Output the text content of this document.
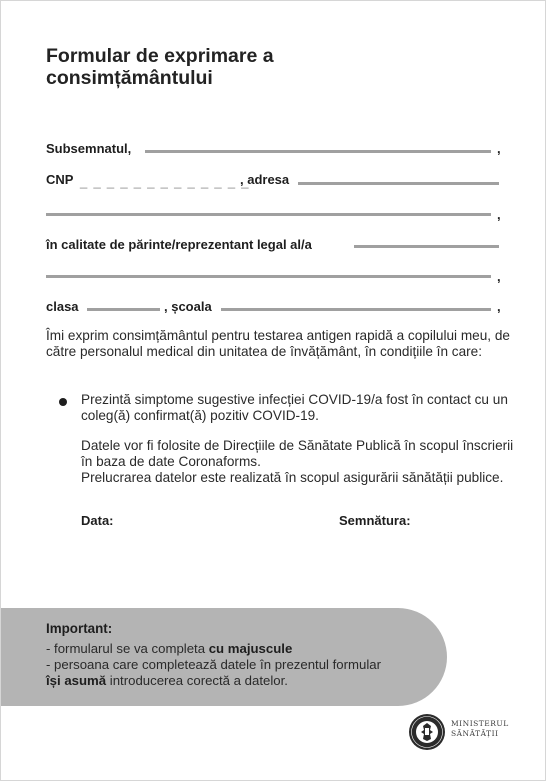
Formular de exprimare a
consimțământului
Subsemnatul,	,
CNP _ _ _ _ _ _ _ _ _ _ _ _ _
, adresa
,
în calitate de părinte/reprezentant legal al/a
,
clasa	, școala	,

Îmi exprim consimțământul pentru testarea antigen rapidă a copilului meu, de către personalul medical din unitatea de învățământ, în condițiile în care:

Prezintă simptome sugestive infecției COVID-19/a fost în contact cu un coleg(ă) confirmat(ă) pozitiv COVID-19.

Datele vor fi folosite de Direcțiile de Sănătate Publică în scopul înscrierii în baza de date Coronaforms.

Prelucrarea datelor este realizată în scopul asigurării sănătății publice.

Data:	Semnătura:
Important:
- formularul se va completa cu majuscule
- persoana care completează datele în prezentul formular
își asumă introducerea corectă a datelor.
MINISTERUL
SĂNĂTĂȚII
